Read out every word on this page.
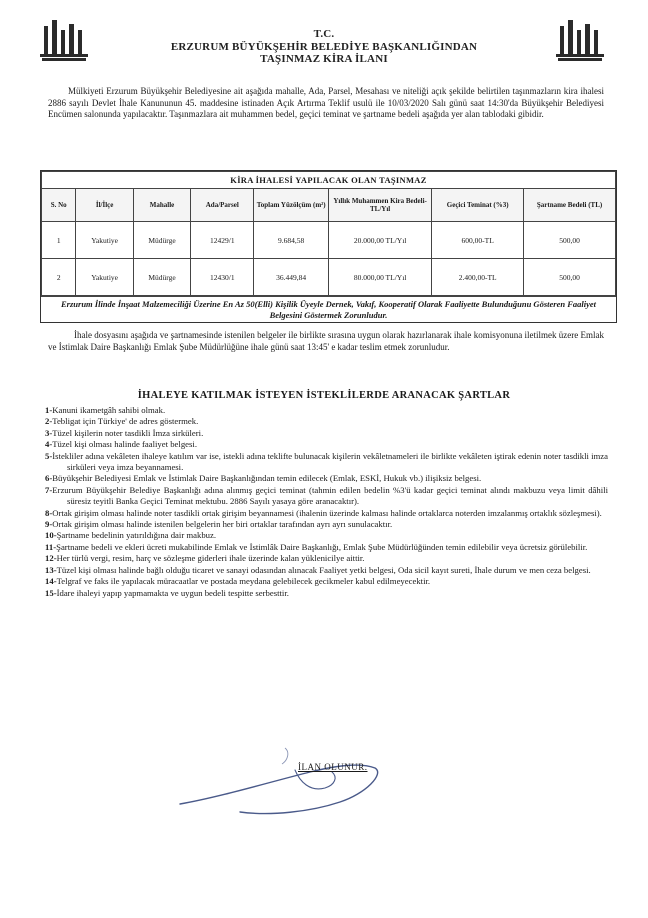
T.C.
ERZURUM BÜYÜKŞEHİR BELEDİYE BAŞKANLIĞINDAN
TAŞINMAZ KİRA İLANI

Mülkiyeti Erzurum Büyükşehir Belediyesine ait aşağıda mahalle, Ada, Parsel, Mesahası ve niteliği açık şekilde belirtilen taşınmazların kira ihalesi 2886 sayılı Devlet İhale Kanununun 45. maddesine istinaden Açık Artırma Teklif usulü ile 10/03/2020 Salı günü saat 14:30'da Büyükşehir Belediyesi Encümen salonunda yapılacaktır. Taşınmazlara ait muhammen bedel, geçici teminat ve şartname bedeli aşağıda yer alan tablodaki gibidir.

KİRA İHALESİ YAPILACAK OLAN TAŞINMAZ							
S. No	İl/İlçe	Mahalle	Ada/Parsel	Toplam Yüzölçüm (m²)	Yıllık Muhammen Kira Bedeli-TL/Yıl	Geçici Teminat (%3)	Şartname Bedeli (TL)
1	Yakutiye	Müdürge	12429/1	9.684,58	20.000,00 TL/Yıl	600,00-TL	500,00
2	Yakutiye	Müdürge	12430/1	36.449,84	80.000,00 TL/Yıl	2.400,00-TL	500,00
Erzurum İlinde İnşaat Malzemeciliği Üzerine En Az 50(Elli) Kişilik Üyeyle Dernek, Vakıf, Kooperatif Olarak Faaliyette Bulunduğunu Gösteren Faaliyet Belgesini Göstermek Zorunludur.

İhale dosyasını aşağıda ve şartnamesinde istenilen belgeler ile birlikte sırasına uygun olarak hazırlanarak ihale komisyonuna iletilmek üzere Emlak ve İstimlak Daire Başkanlığı Emlak Şube Müdürlüğüne ihale günü saat 13:45' e kadar teslim etmek zorunludur.

İHALEYE KATILMAK İSTEYEN İSTEKLİLERDE ARANACAK ŞARTLAR
1-Kanuni ikametgâh sahibi olmak.
2-Tebligat için Türkiye' de adres göstermek.
3-Tüzel kişilerin noter tasdikli İmza sirküleri.
4-Tüzel kişi olması halinde faaliyet belgesi.
5-İstekliler adına vekâleten ihaleye katılım var ise, istekli adına teklifte bulunacak kişilerin vekâletnameleri ile birlikte vekâleten iştirak edenin noter tasdikli imza sirküleri veya imza beyannamesi.
6-Büyükşehir Belediyesi Emlak ve İstimlak Daire Başkanlığından temin edilecek (Emlak, ESKİ, Hukuk vb.) ilişiksiz belgesi.
7-Erzurum Büyükşehir Belediye Başkanlığı adına alınmış geçici teminat (tahmin edilen bedelin %3'ü kadar geçici teminat alındı makbuzu veya limit dâhili süresiz teyitli Banka Geçici Teminat mektubu. 2886 Sayılı yasaya göre aranacaktır).
8-Ortak girişim olması halinde noter tasdikli ortak girişim beyannamesi (ihalenin üzerinde kalması halinde ortaklarca noterden imzalanmış ortaklık sözleşmesi).
9-Ortak girişim olması halinde istenilen belgelerin her biri ortaklar tarafından ayrı ayrı sunulacaktır.
10-Şartname bedelinin yatırıldığına dair makbuz.
11-Şartname bedeli ve ekleri ücreti mukabilinde Emlak ve İstimlâk Daire Başkanlığı, Emlak Şube Müdürlüğünden temin edilebilir veya ücretsiz görülebilir.
12-Her türlü vergi, resim, harç ve sözleşme giderleri ihale üzerinde kalan yüklenicilye aittir.
13-Tüzel kişi olması halinde bağlı olduğu ticaret ve sanayi odasından alınacak Faaliyet yetki belgesi, Oda sicil kayıt sureti, İhale durum ve men ceza belgesi.
14-Telgraf ve faks ile yapılacak müracaatlar ve postada meydana gelebilecek gecikmeler kabul edilmeyecektir.
15-İdare ihaleyi yapıp yapmamakta ve uygun bedeli tespitte serbesttir.
İLAN OLUNUR.
